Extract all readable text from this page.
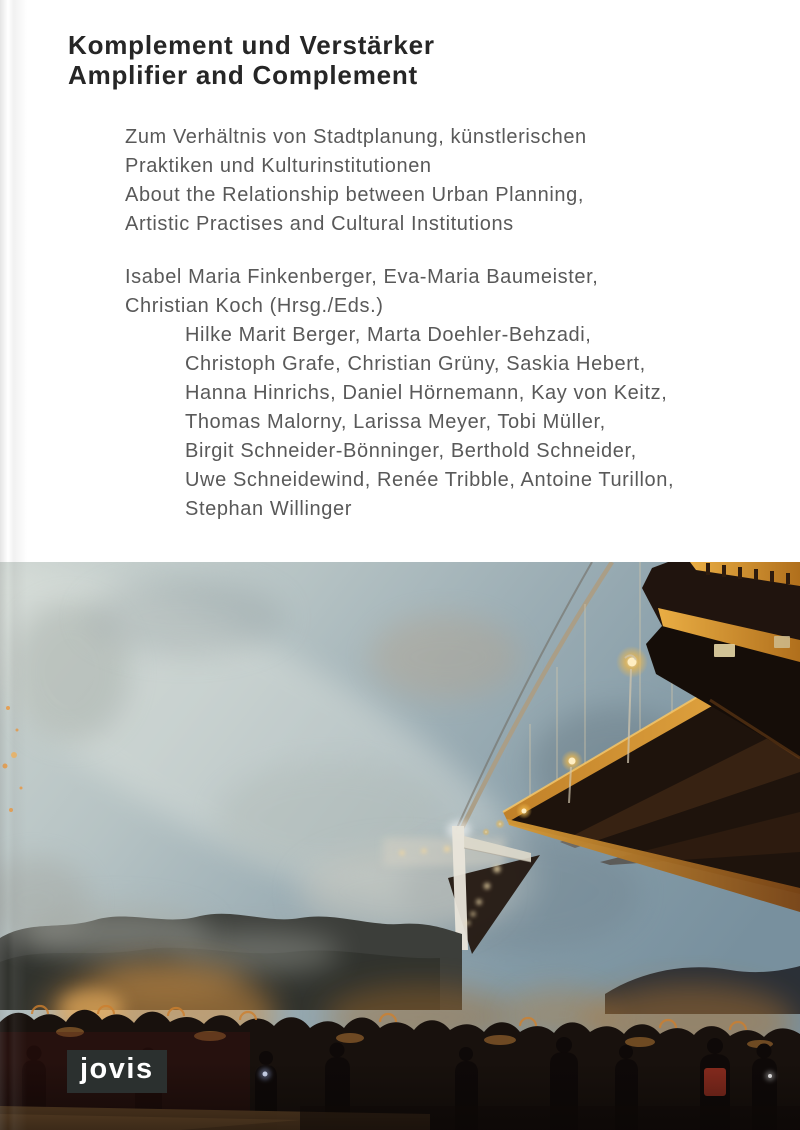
Komplement und Verstärker
Amplifier and Complement
Zum Verhältnis von Stadtplanung, künstlerischen
Praktiken und Kulturinstitutionen
About the Relationship between Urban Planning,
Artistic Practises and Cultural Institutions
Isabel Maria Finkenberger, Eva-Maria Baumeister,
Christian Koch (Hrsg./Eds.)
Hilke Marit Berger, Marta Doehler-Behzadi,
Christoph Grafe, Christian Grüny, Saskia Hebert,
Hanna Hinrichs, Daniel Hörnemann, Kay von Keitz,
Thomas Malorny, Larissa Meyer, Tobi Müller,
Birgit Schneider-Bönninger, Berthold Schneider,
Uwe Schneidewind, Renée Tribble, Antoine Turillon,
Stephan Willinger
jovis
